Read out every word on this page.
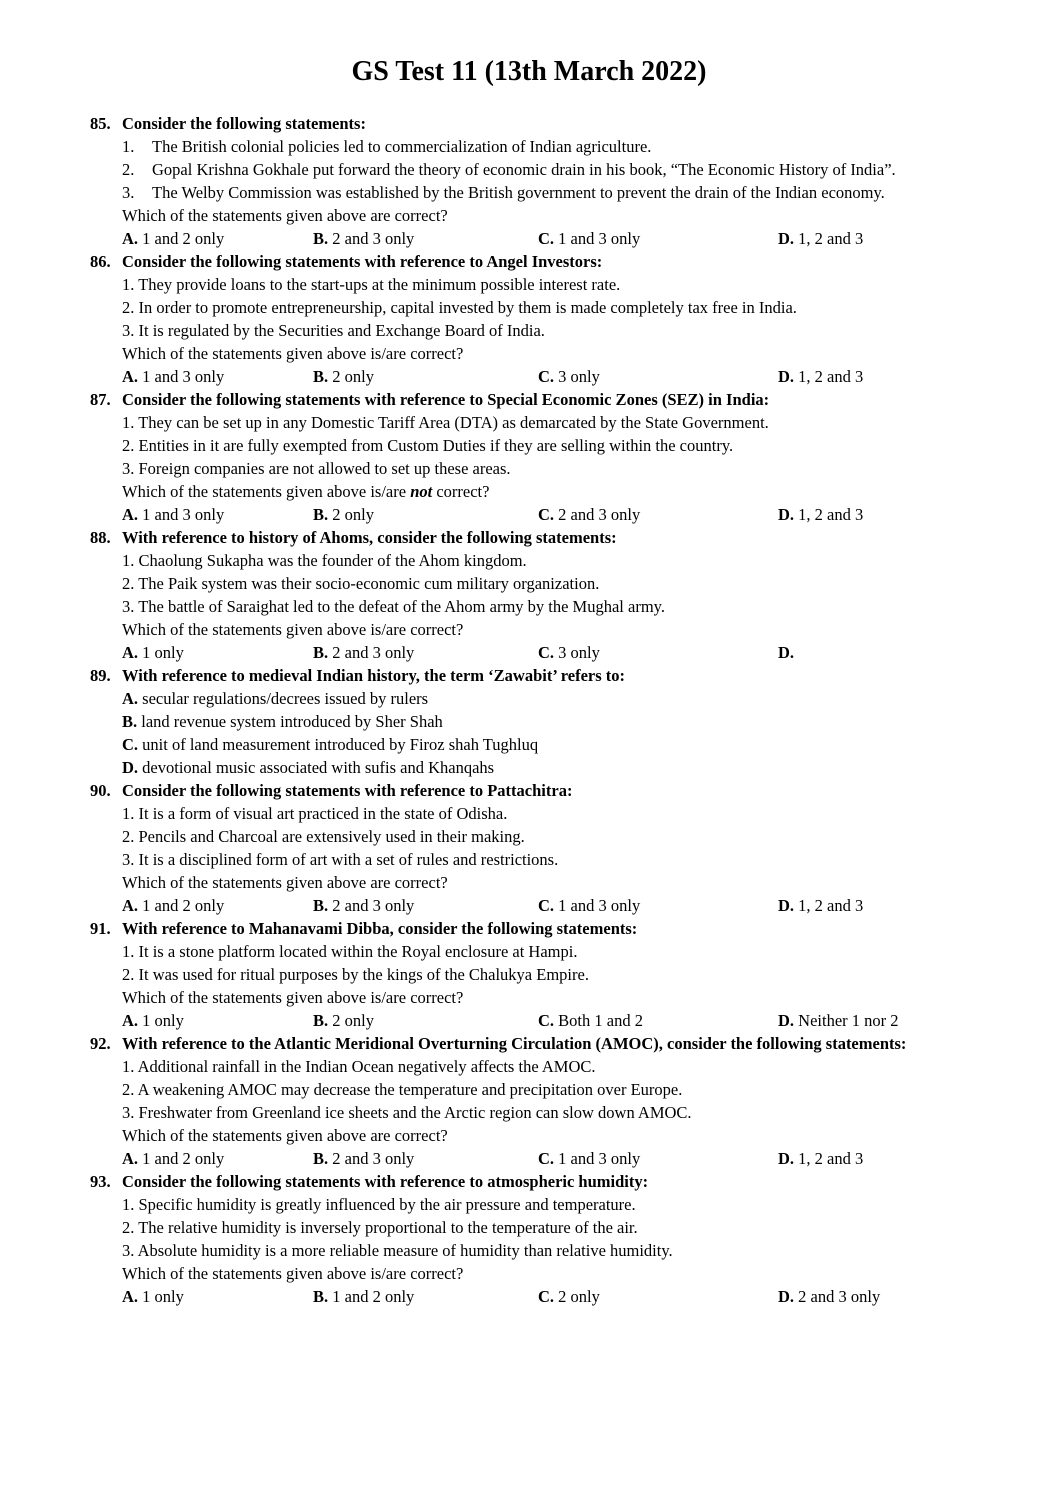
GS Test 11 (13th March 2022)
85. Consider the following statements:
1.	The British colonial policies led to commercialization of Indian agriculture.
2.	Gopal Krishna Gokhale put forward the theory of economic drain in his book, “The Economic History of India”.
3.	The Welby Commission was established by the British government to prevent the drain of the Indian economy.
Which of the statements given above are correct?
A. 1 and 2 only	B. 2 and 3 only	C. 1 and 3 only	D. 1, 2 and 3
86. Consider the following statements with reference to Angel Investors:
1. They provide loans to the start-ups at the minimum possible interest rate.
2. In order to promote entrepreneurship, capital invested by them is made completely tax free in India.
3. It is regulated by the Securities and Exchange Board of India.
Which of the statements given above is/are correct?
A. 1 and 3 only	B. 2 only	C. 3 only	D. 1, 2 and 3
87. Consider the following statements with reference to Special Economic Zones (SEZ) in India:
1. They can be set up in any Domestic Tariff Area (DTA) as demarcated by the State Government.
2. Entities in it are fully exempted from Custom Duties if they are selling within the country.
3. Foreign companies are not allowed to set up these areas.
Which of the statements given above is/are not correct?
A. 1 and 3 only	B. 2 only	C. 2 and 3 only	D. 1, 2 and 3
88. With reference to history of Ahoms, consider the following statements:
1. Chaolung Sukapha was the founder of the Ahom kingdom.
2. The Paik system was their socio-economic cum military organization.
3. The battle of Saraighat led to the defeat of the Ahom army by the Mughal army.
Which of the statements given above is/are correct?
A. 1 only	B. 2 and 3 only	C. 3 only	D.
89. With reference to medieval Indian history, the term ‘Zawabit’ refers to:
A. secular regulations/decrees issued by rulers
B. land revenue system introduced by Sher Shah
C. unit of land measurement introduced by Firoz shah Tughluq
D. devotional music associated with sufis and Khanqahs
90. Consider the following statements with reference to Pattachitra:
1. It is a form of visual art practiced in the state of Odisha.
2. Pencils and Charcoal are extensively used in their making.
3. It is a disciplined form of art with a set of rules and restrictions.
Which of the statements given above are correct?
A. 1 and 2 only	B. 2 and 3 only	C. 1 and 3 only	D. 1, 2 and 3
91. With reference to Mahanavami Dibba, consider the following statements:
1. It is a stone platform located within the Royal enclosure at Hampi.
2. It was used for ritual purposes by the kings of the Chalukya Empire.
Which of the statements given above is/are correct?
A. 1 only	B. 2 only	C. Both 1 and 2	D. Neither 1 nor 2
92. With reference to the Atlantic Meridional Overturning Circulation (AMOC), consider the following statements:
1. Additional rainfall in the Indian Ocean negatively affects the AMOC.
2. A weakening AMOC may decrease the temperature and precipitation over Europe.
3. Freshwater from Greenland ice sheets and the Arctic region can slow down AMOC.
Which of the statements given above are correct?
A. 1 and 2 only	B. 2 and 3 only	C. 1 and 3 only	D. 1, 2 and 3
93. Consider the following statements with reference to atmospheric humidity:
1. Specific humidity is greatly influenced by the air pressure and temperature.
2. The relative humidity is inversely proportional to the temperature of the air.
3. Absolute humidity is a more reliable measure of humidity than relative humidity.
Which of the statements given above is/are correct?
A. 1 only	B. 1 and 2 only	C. 2 only	D. 2 and 3 only
